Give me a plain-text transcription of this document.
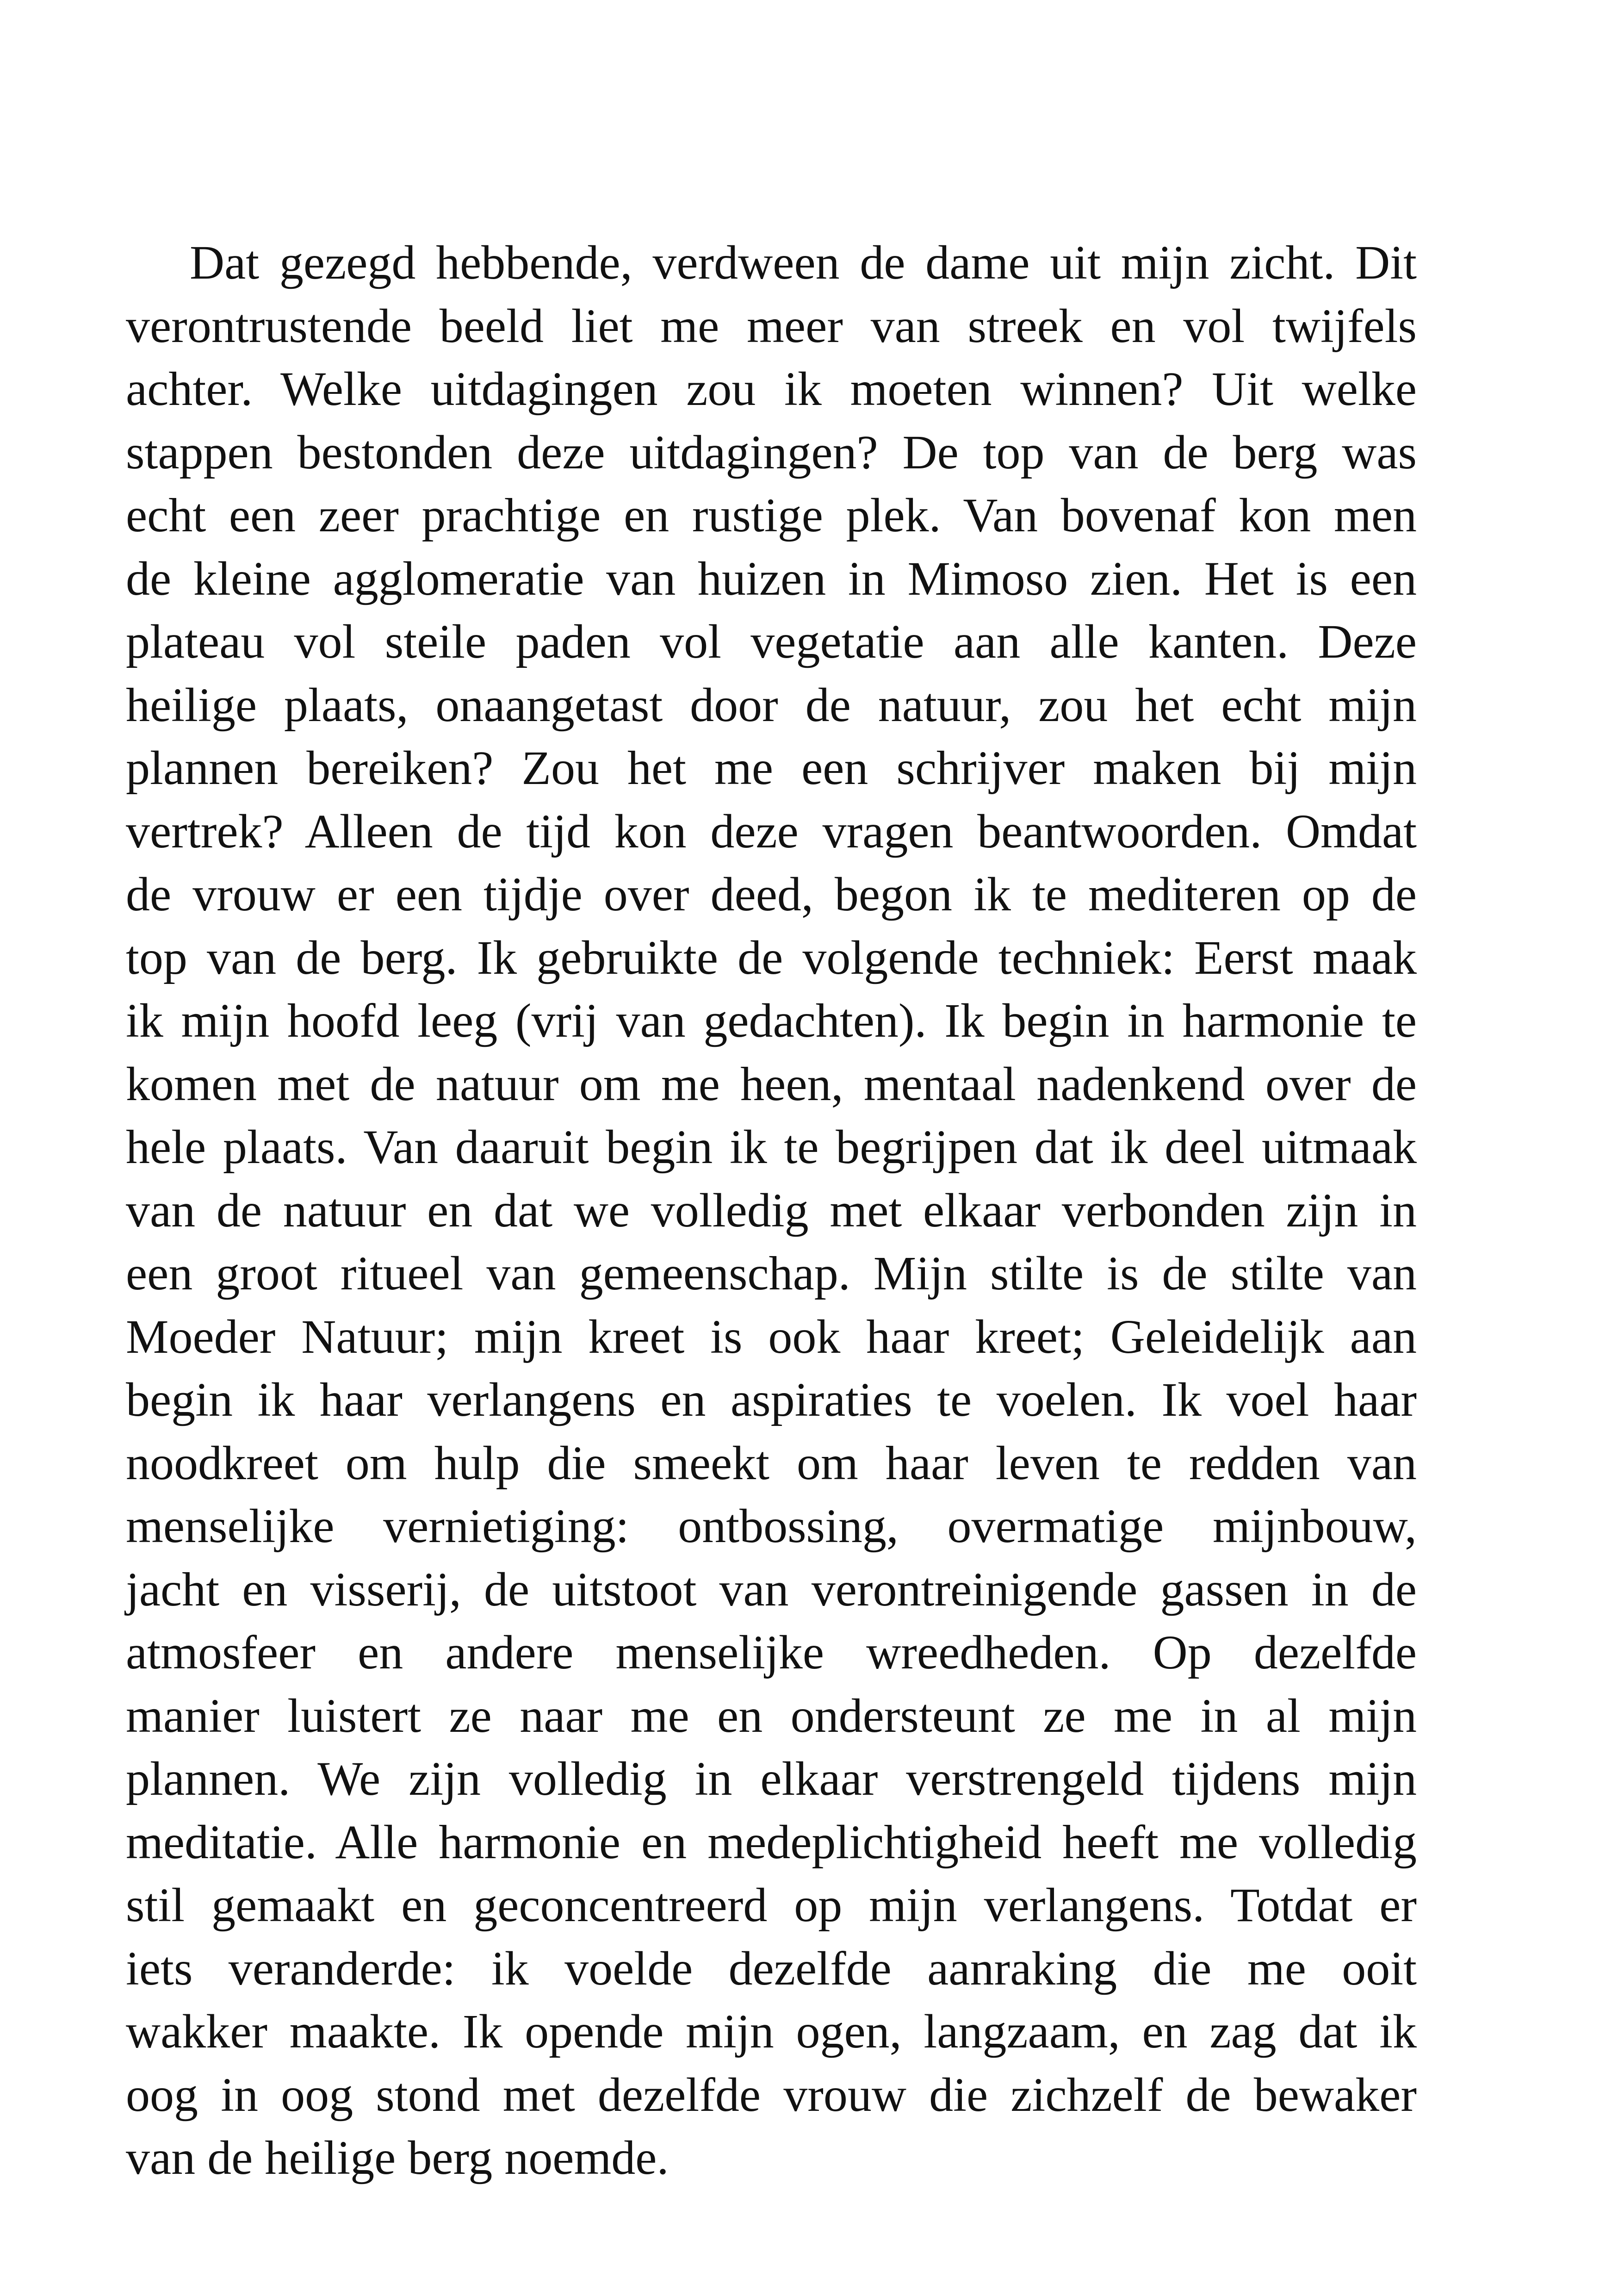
Dat gezegd hebbende, verdween de dame uit mijn zicht. Dit
verontrustende beeld liet me meer van streek en vol twijfels
achter. Welke uitdagingen zou ik moeten winnen? Uit welke
stappen bestonden deze uitdagingen? De top van de berg was
echt een zeer prachtige en rustige plek. Van bovenaf kon men
de kleine agglomeratie van huizen in Mimoso zien. Het is een
plateau vol steile paden vol vegetatie aan alle kanten. Deze
heilige plaats, onaangetast door de natuur, zou het echt mijn
plannen bereiken? Zou het me een schrijver maken bij mijn
vertrek? Alleen de tijd kon deze vragen beantwoorden. Omdat
de vrouw er een tijdje over deed, begon ik te mediteren op de
top van de berg. Ik gebruikte de volgende techniek: Eerst maak
ik mijn hoofd leeg (vrij van gedachten). Ik begin in harmonie te
komen met de natuur om me heen, mentaal nadenkend over de
hele plaats. Van daaruit begin ik te begrijpen dat ik deel uitmaak
van de natuur en dat we volledig met elkaar verbonden zijn in
een groot ritueel van gemeenschap. Mijn stilte is de stilte van
Moeder Natuur; mijn kreet is ook haar kreet; Geleidelijk aan
begin ik haar verlangens en aspiraties te voelen. Ik voel haar
noodkreet om hulp die smeekt om haar leven te redden van
menselijke vernietiging: ontbossing, overmatige mijnbouw,
jacht en visserij, de uitstoot van verontreinigende gassen in de
atmosfeer en andere menselijke wreedheden. Op dezelfde
manier luistert ze naar me en ondersteunt ze me in al mijn
plannen. We zijn volledig in elkaar verstrengeld tijdens mijn
meditatie. Alle harmonie en medeplichtigheid heeft me volledig
stil gemaakt en geconcentreerd op mijn verlangens. Totdat er
iets veranderde: ik voelde dezelfde aanraking die me ooit
wakker maakte. Ik opende mijn ogen, langzaam, en zag dat ik
oog in oog stond met dezelfde vrouw die zichzelf de bewaker
van de heilige berg noemde.
